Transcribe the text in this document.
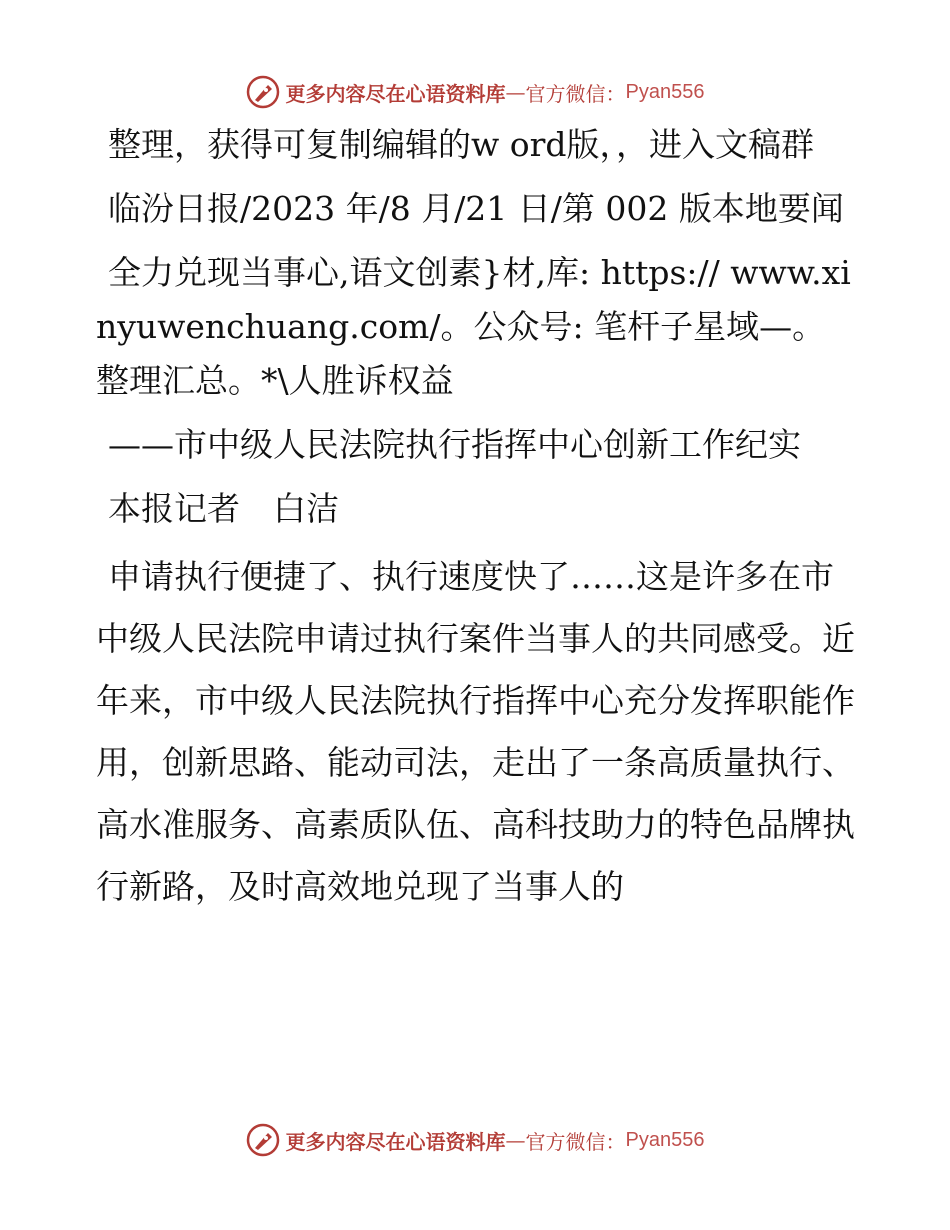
更多内容尽在心语资料库 — 官方微信： Pyan556

整理，获得可复制编辑的w ord版，，进入文稿群

临汾日报/2023 年/8 月/21 日/第 002 版本地要闻

全力兑现当事心,语文创素}材,库: https:// www.xinyuwenchuang.com/。公众号: 笔杆子星域—。整理汇总。*\人胜诉权益

——市中级人民法院执行指挥中心创新工作纪实

本报记者　白洁

申请执行便捷了、执行速度快了……这是许多在市中级人民法院申请过执行案件当事人的共同感受。近年来，市中级人民法院执行指挥中心充分发挥职能作用，创新思路、能动司法，走出了一条高质量执行、高水准服务、高素质队伍、高科技助力的特色品牌执行新路，及时高效地兑现了当事人的

更多内容尽在心语资料库 — 官方微信： Pyan556
